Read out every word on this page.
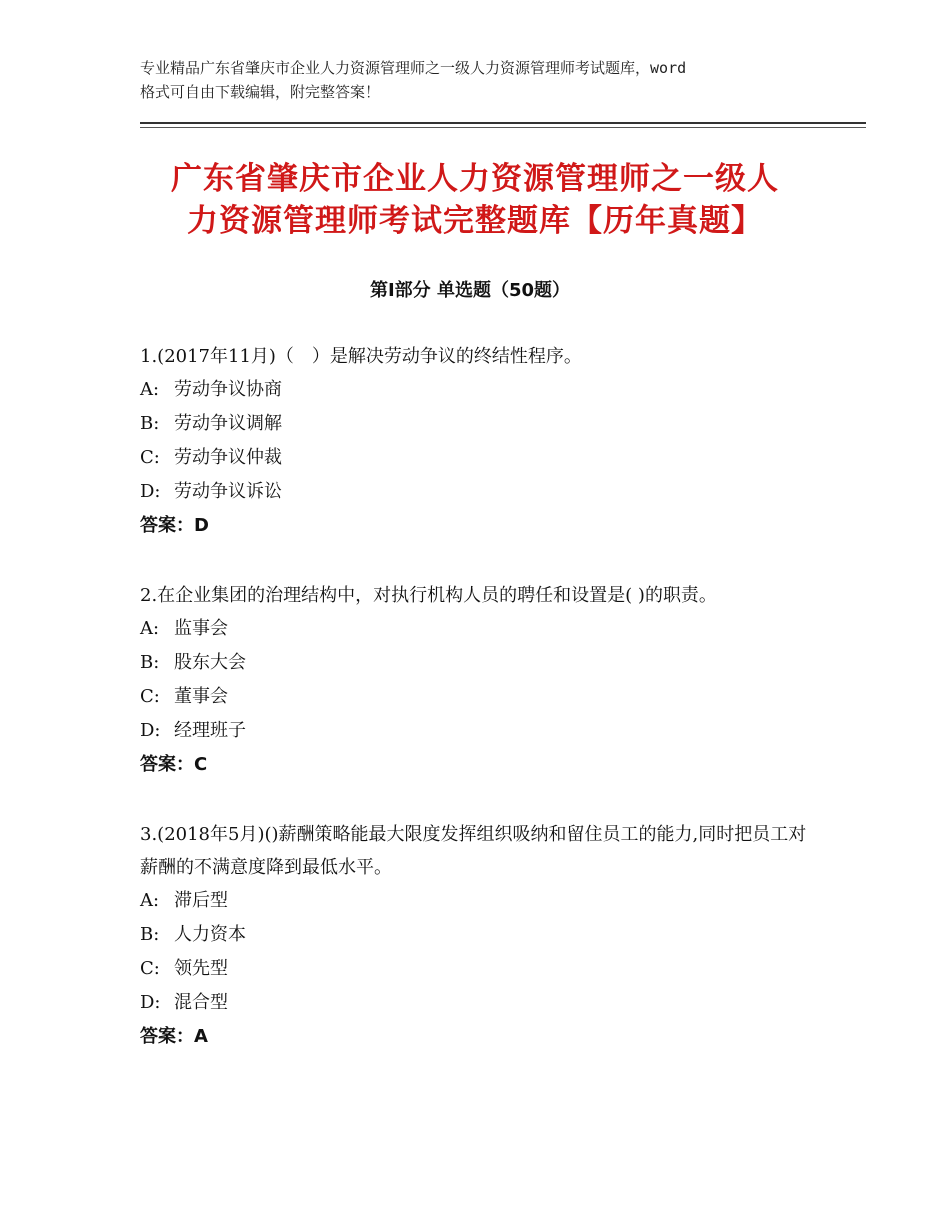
专业精品广东省肇庆市企业人力资源管理师之一级人力资源管理师考试题库，word
格式可自由下载编辑，附完整答案！
广东省肇庆市企业人力资源管理师之一级人
力资源管理师考试完整题库【历年真题】
第Ⅰ部分 单选题（50题）

1.(2017年11月)（　）是解决劳动争议的终结性程序。

A: 劳动争议协商

B: 劳动争议调解

C: 劳动争议仲裁

D: 劳动争议诉讼

答案：D

2.在企业集团的治理结构中，对执行机构人员的聘任和设置是( )的职责。

A: 监事会

B: 股东大会

C: 董事会

D: 经理班子

答案：C

3.(2018年5月)()薪酬策略能最大限度发挥组织吸纳和留住员工的能力,同时把员工对薪酬的不满意度降到最低水平。

A: 滞后型

B: 人力资本

C: 领先型

D: 混合型

答案：A
